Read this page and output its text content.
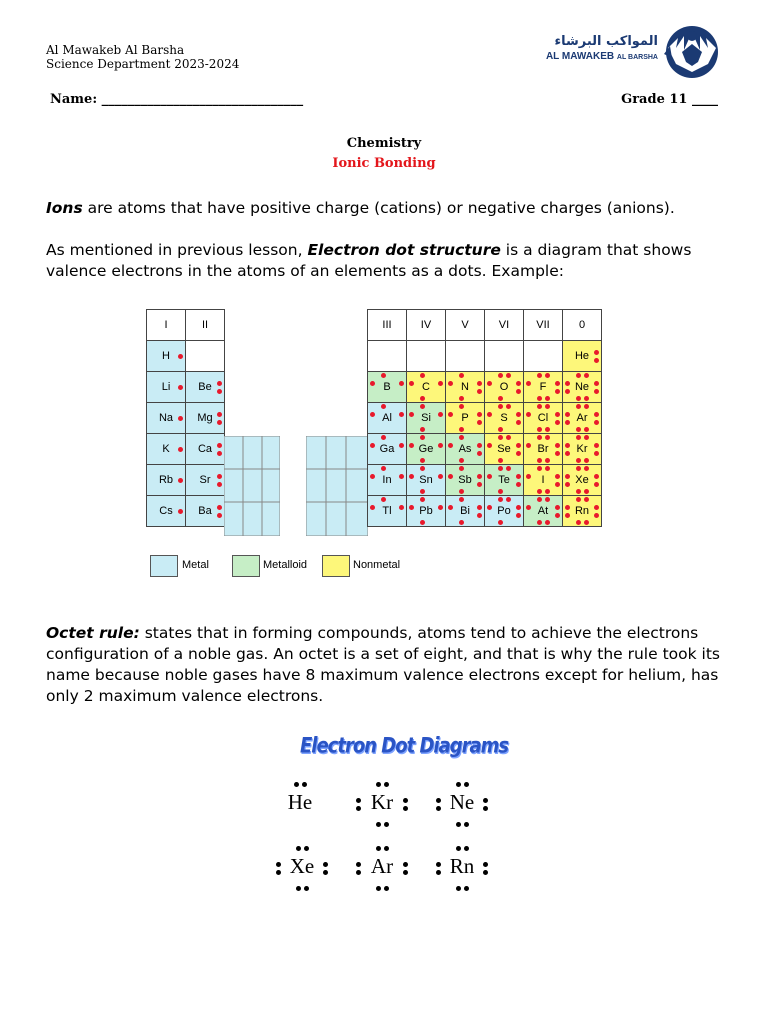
Al Mawakeb Al Barsha
Science Department 2023-2024
المواكب البرشاء
AL MAWAKEB AL BARSHA
Name: _______________________________	Grade 11 ____
Chemistry
Ionic Bonding
Ions are atoms that have positive charge (cations) or negative charges (anions).
As mentioned in previous lesson, Electron dot structure is a diagram that shows valence electrons in the atoms of an elements as a dots. Example:
I	II
H

Li	Be

Na	Mg

K	Ca

Rb	Sr

Cs	Ba
III	IV	V	VI	VII	0
					He

B	C	N	O	F	Ne

Al	Si	P	S	Cl	Ar

Ga	Ge	As	Se	Br	Kr

In	Sn	Sb	Te	I	Xe

Tl	Pb	Bi	Po	At	Rn
Metal	Metalloid	Nonmetal
Octet rule: states that in forming compounds, atoms tend to achieve the electrons configuration of a noble gas. An octet is a set of eight, and that is why the rule took its name because noble gases have 8 maximum valence electrons except for helium, has only 2 maximum valence electrons.
Electron Dot Diagrams
He	Kr	Ne
Xe	Ar	Rn
